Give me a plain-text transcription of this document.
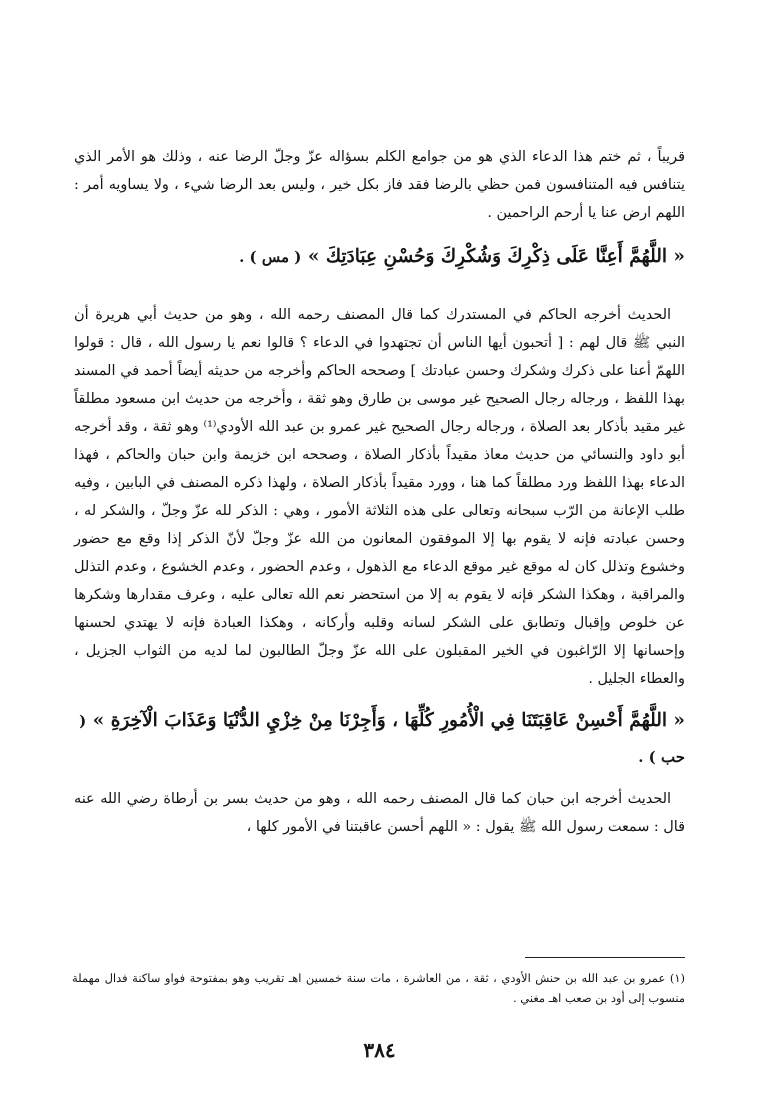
قريباً ، ثم ختم هذا الدعاء الذي هو من جوامع الكلم بسؤاله عزّ وجلّ الرضا عنه ، وذلك هو الأمر الذي يتنافس فيه المتنافسون فمن حظي بالرضا فقد فاز بكل خير ، وليس بعد الرضا شيء ، ولا يساويه أمر : اللهم ارض عنا يا أرحم الراحمين .

« اللَّهُمَّ أَعِنَّا عَلَى ذِكْرِكَ وَشُكْرِكَ وَحُسْنِ عِبَادَتِكَ » ( مس ) .

الحديث أخرجه الحاكم في المستدرك كما قال المصنف رحمه الله ، وهو من حديث أبي هريرة أن النبي ﷺ قال لهم : [ أتحبون أيها الناس أن تجتهدوا في الدعاء ؟ قالوا نعم يا رسول الله ، قال : قولوا اللهمّ أعنا على ذكرك وشكرك وحسن عبادتك ] وصححه الحاكم وأخرجه من حديثه أيضاً أحمد في المسند بهذا اللفظ ، ورجاله رجال الصحيح غير موسى بن طارق وهو ثقة ، وأخرجه من حديث ابن مسعود مطلقاً غير مقيد بأذكار بعد الصلاة ، ورجاله رجال الصحيح غير عمرو بن عبد الله الأودي⁽¹⁾ وهو ثقة ، وقد أخرجه أبو داود والنسائي من حديث معاذ مقيداً بأذكار الصلاة ، وصححه ابن خزيمة وابن حبان والحاكم ، فهذا الدعاء بهذا اللفظ ورد مطلقاً كما هنا ، وورد مقيداً بأذكار الصلاة ، ولهذا ذكره المصنف في البابين ، وفيه طلب الإعانة من الرّب سبحانه وتعالى على هذه الثلاثة الأمور ، وهي : الذكر لله عزّ وجلّ ، والشكر له ، وحسن عبادته فإنه لا يقوم بها إلا الموفقون المعانون من الله عزّ وجلّ لأنّ الذكر إذا وقع مع حضور وخشوع وتذلل كان له موقع غير موقع الدعاء مع الذهول ، وعدم الحضور ، وعدم الخشوع ، وعدم التذلل والمراقبة ، وهكذا الشكر فإنه لا يقوم به إلا من استحضر نعم الله تعالى عليه ، وعرف مقدارها وشكرها عن خلوص وإقبال وتطابق على الشكر لسانه وقلبه وأركانه ، وهكذا العبادة فإنه لا يهتدي لحسنها وإحسانها إلا الرّاغبون في الخير المقبلون على الله عزّ وجلّ الطالبون لما لديه من الثواب الجزيل ، والعطاء الجليل .

« اللَّهُمَّ أَحْسِنْ عَاقِبَتَنَا فِي الْأُمُورِ كُلِّهَا ، وَأَجِرْنَا مِنْ خِزْيِ الدُّنْيَا وَعَذَابَ الْآخِرَةِ » ( حب ) .

الحديث أخرجه ابن حبان كما قال المصنف رحمه الله ، وهو من حديث بسر بن أرطاة رضي الله عنه قال : سمعت رسول الله ﷺ يقول : « اللهم أحسن عاقبتنا في الأمور كلها ،

(١) عمرو بن عبد الله بن حنش الأودي ، ثقة ، من العاشرة ، مات سنة خمسين اهـ تقريب وهو بمفتوحة فواو ساكنة فدال مهملة منسوب إلى أود بن صعب اهـ مغني .

٣٨٤
